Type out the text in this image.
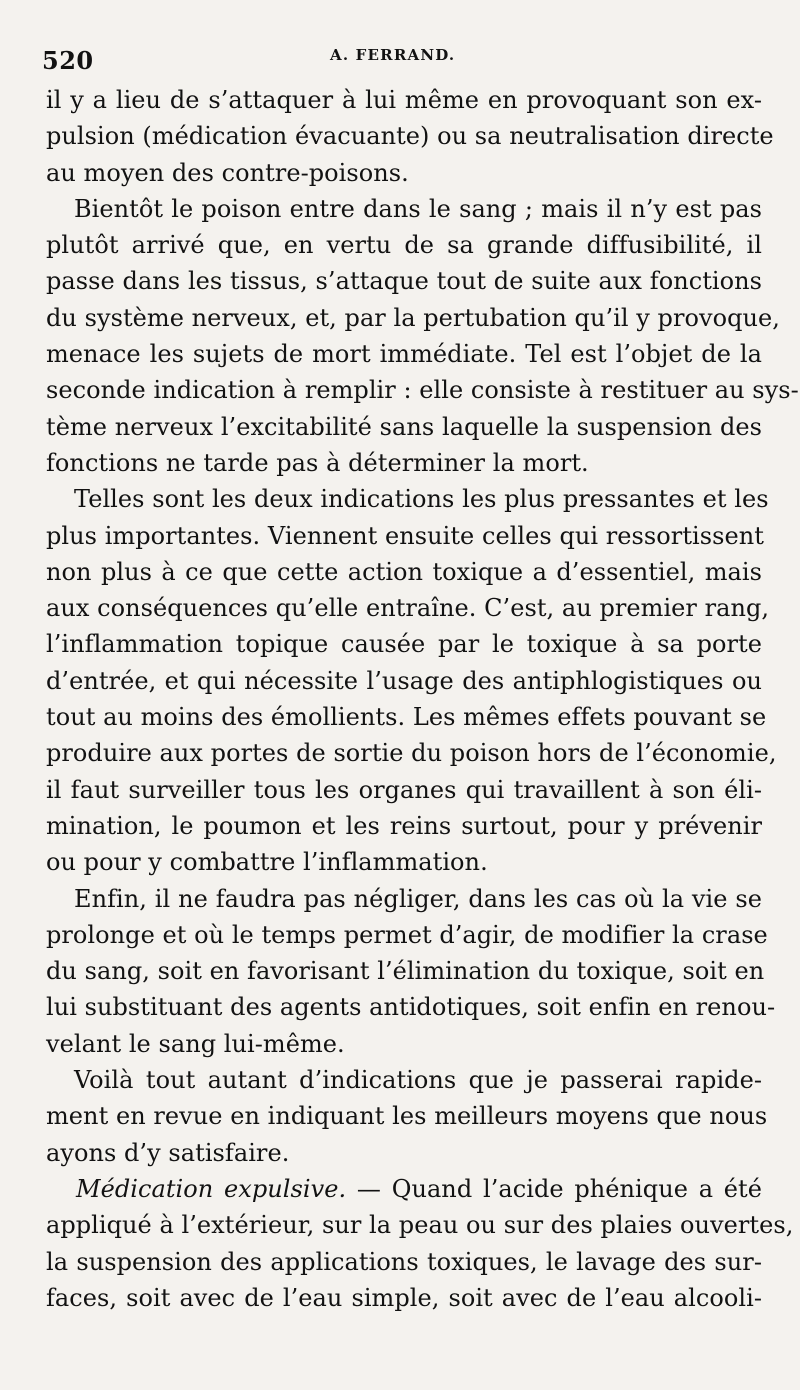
520	A. FERRAND.
il y a lieu de s’attaquer à lui même en provoquant son ex-
pulsion (médication évacuante) ou sa neutralisation directe
au moyen des contre-poisons.
Bientôt le poison entre dans le sang ; mais il n’y est pas
plutôt arrivé que, en vertu de sa grande diffusibilité, il
passe dans les tissus, s’attaque tout de suite aux fonctions
du système nerveux, et, par la pertubation qu’il y provoque,
menace les sujets de mort immédiate. Tel est l’objet de la
seconde indication à remplir : elle consiste à restituer au sys-
tème nerveux l’excitabilité sans laquelle la suspension des
fonctions ne tarde pas à déterminer la mort.
Telles sont les deux indications les plus pressantes et les
plus importantes. Viennent ensuite celles qui ressortissent
non plus à ce que cette action toxique a d’essentiel, mais
aux conséquences qu’elle entraîne. C’est, au premier rang,
l’inflammation topique causée par le toxique à sa porte
d’entrée, et qui nécessite l’usage des antiphlogistiques ou
tout au moins des émollients. Les mêmes effets pouvant se
produire aux portes de sortie du poison hors de l’économie,
il faut surveiller tous les organes qui travaillent à son éli-
mination, le poumon et les reins surtout, pour y prévenir
ou pour y combattre l’inflammation.
Enfin, il ne faudra pas négliger, dans les cas où la vie se
prolonge et où le temps permet d’agir, de modifier la crase
du sang, soit en favorisant l’élimination du toxique, soit en
lui substituant des agents antidotiques, soit enfin en renou-
velant le sang lui-même.
Voilà tout autant d’indications que je passerai rapide-
ment en revue en indiquant les meilleurs moyens que nous
ayons d’y satisfaire.
Médication expulsive. — Quand l’acide phénique a été
appliqué à l’extérieur, sur la peau ou sur des plaies ouvertes,
la suspension des applications toxiques, le lavage des sur-
faces, soit avec de l’eau simple, soit avec de l’eau alcooli-
